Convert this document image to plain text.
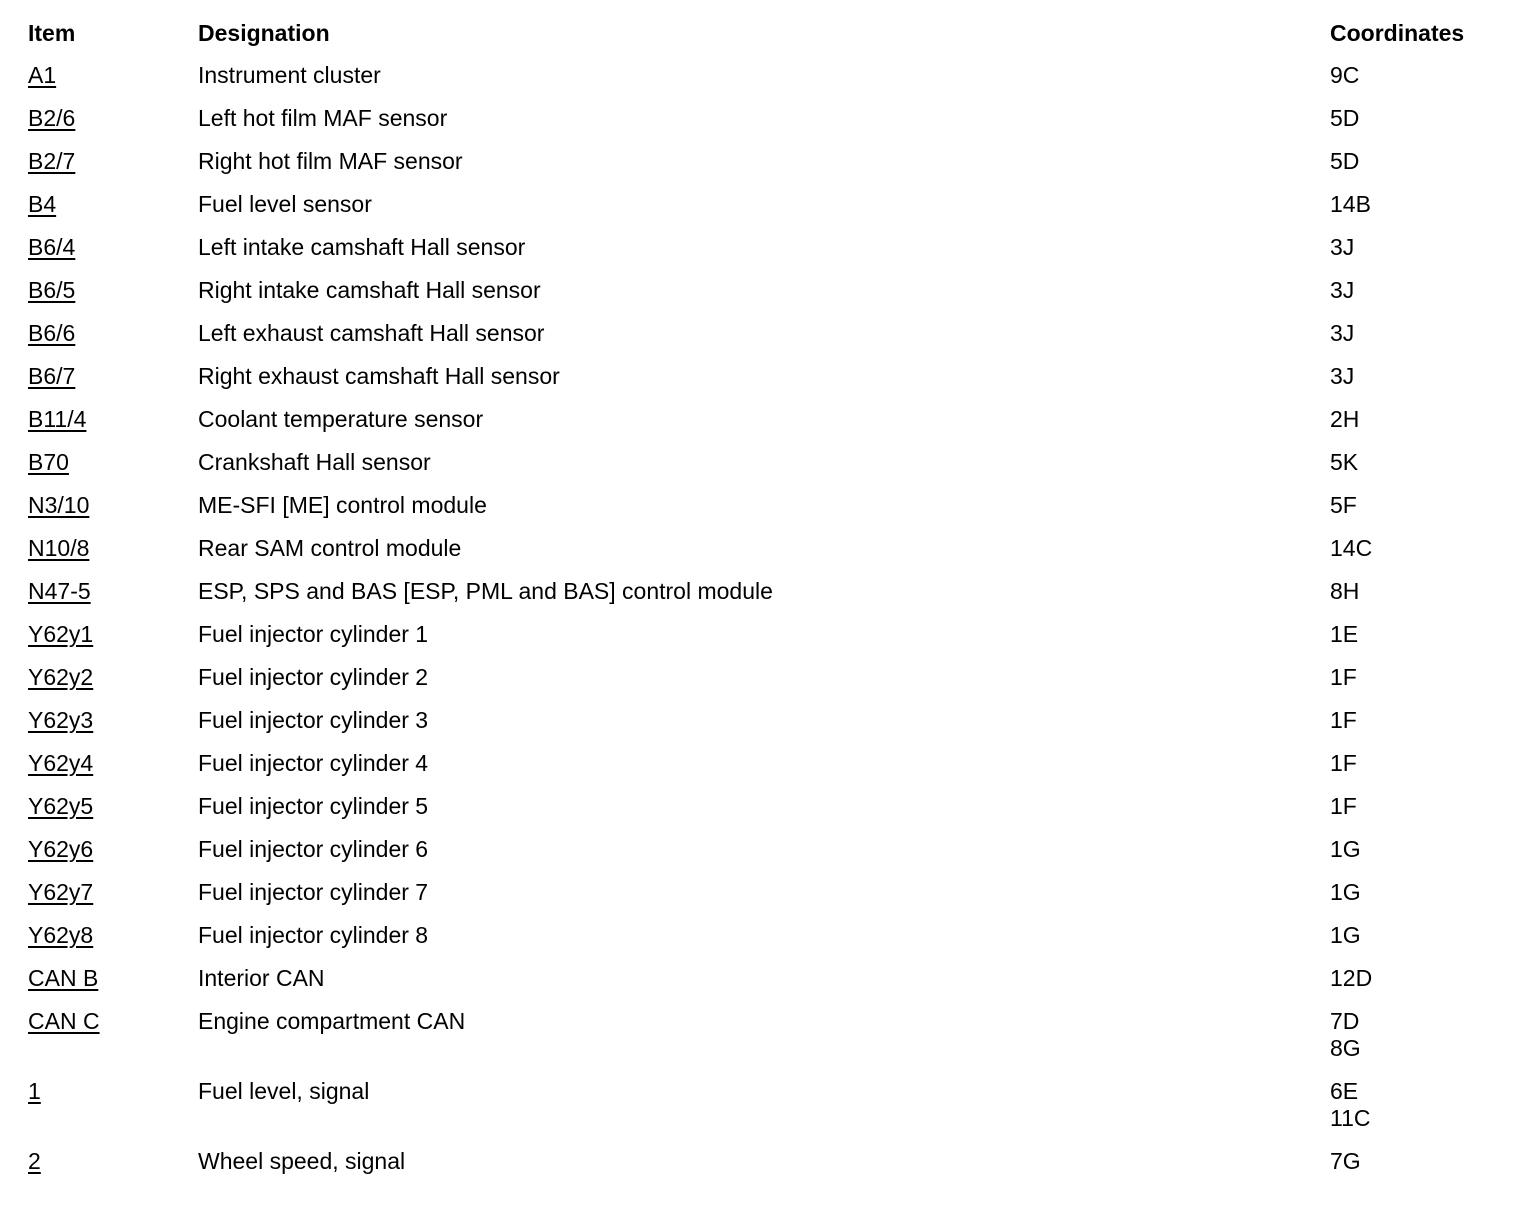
Item	Designation	Coordinates
A1	Instrument cluster	9C

B2/6	Left hot film MAF sensor	5D

B2/7	Right hot film MAF sensor	5D

B4	Fuel level sensor	14B

B6/4	Left intake camshaft Hall sensor	3J

B6/5	Right intake camshaft Hall sensor	3J

B6/6	Left exhaust camshaft Hall sensor	3J

B6/7	Right exhaust camshaft Hall sensor	3J

B11/4	Coolant temperature sensor	2H

B70	Crankshaft Hall sensor	5K

N3/10	ME-SFI [ME] control module	5F

N10/8	Rear SAM control module	14C

N47-5	ESP, SPS and BAS [ESP, PML and BAS] control module	8H

Y62y1	Fuel injector cylinder 1	1E

Y62y2	Fuel injector cylinder 2	1F

Y62y3	Fuel injector cylinder 3	1F

Y62y4	Fuel injector cylinder 4	1F

Y62y5	Fuel injector cylinder 5	1F

Y62y6	Fuel injector cylinder 6	1G

Y62y7	Fuel injector cylinder 7	1G

Y62y8	Fuel injector cylinder 8	1G

CAN B	Interior CAN	12D

CAN C	Engine compartment CAN	7D
8G

1	Fuel level, signal	6E
11C

2	Wheel speed, signal	7G
